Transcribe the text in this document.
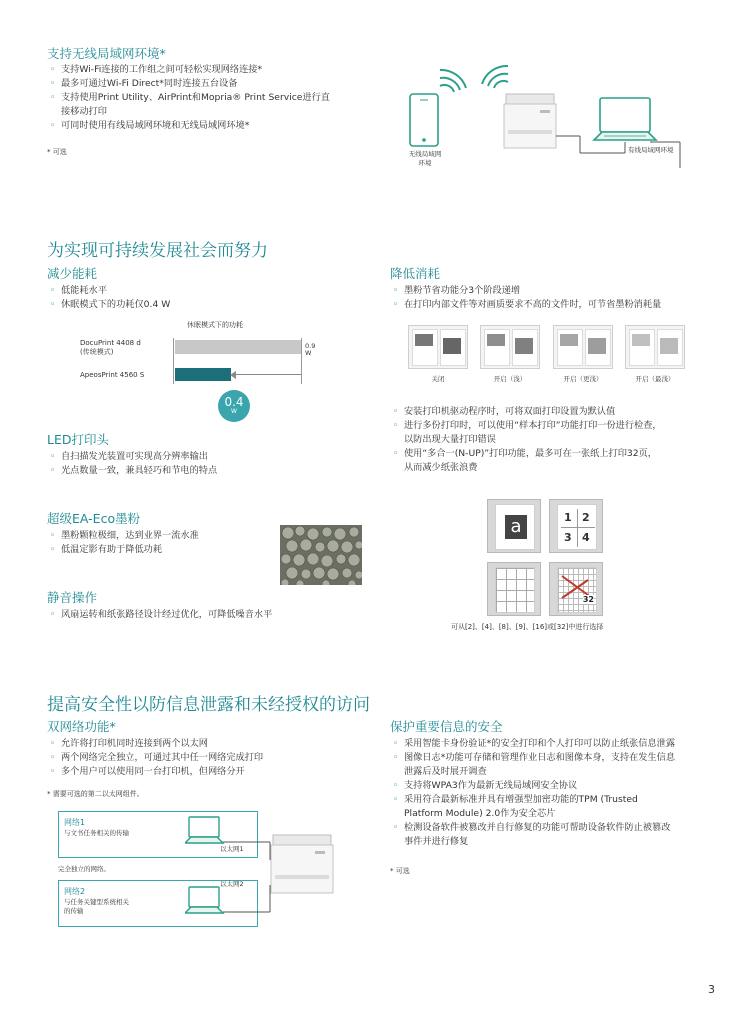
支持无线局域网环境*
◦ 支持Wi-Fi连接的工作组之间可轻松实现网络连接*
◦ 最多可通过Wi-Fi Direct*同时连接五台设备
◦ 支持使用Print Utility、AirPrint和Mopria® Print Service进行直
接移动打印
◦ 可同时使用有线局域网环境和无线局域网环境*
* 可选	无线局域网
环境
有线局域网环境
为实现可持续发展社会而努力
减少能耗
◦ 低能耗水平
◦ 休眠模式下的功耗仅0.4 W
休眠模式下的功耗
DocuPrint 4408 d
(传统模式)
0.9
W
ApeosPrint 4560 S
0.4
W
LED打印头
◦ 自扫描发光装置可实现高分辨率输出
◦ 光点数量一致，兼具轻巧和节电的特点
超级EA-Eco墨粉
◦ 墨粉颗粒极细，达到业界一流水准
◦ 低温定影有助于降低功耗
静音操作
◦ 风扇运转和纸张路径设计经过优化，可降低噪音水平
降低消耗
◦ 墨粉节省功能分3个阶段递增
◦ 在打印内部文件等对画质要求不高的文件时，可节省墨粉消耗量
关闭	开启（浅）	开启（更浅）	开启（最浅）
◦ 安装打印机驱动程序时，可将双面打印设置为默认值
◦ 进行多份打印时，可以使用“样本打印”功能打印一份进行检查，
以防出现大量打印错误
◦ 使用“多合一(N-UP)”打印功能，最多可在一张纸上打印32页，
从而减少纸张浪费
a	1 2
3 4
32
可从[2]、[4]、[8]、[9]、[16]或[32]中进行选择
提高安全性以防信息泄露和未经授权的访问
双网络功能*
◦ 允许将打印机同时连接到两个以太网
◦ 两个网络完全独立，可通过其中任一网络完成打印
◦ 多个用户可以使用同一台打印机，但网络分开
* 需要可选的第二以太网组件。
网络1
与文书任务相关的传输
以太网1
完全独立的网络。
网络2
与任务关键型系统相关
的传输
以太网2
保护重要信息的安全
◦ 采用智能卡身份验证*的安全打印和个人打印可以防止纸张信息泄露
◦ 图像日志*功能可存储和管理作业日志和图像本身，支持在发生信息
泄露后及时展开调查
◦ 支持将WPA3作为最新无线局域网安全协议
◦ 采用符合最新标准并具有增强型加密功能的TPM (Trusted
Platform Module) 2.0作为安全芯片
◦ 检测设备软件被篡改并自行修复的功能可帮助设备软件防止被篡改
事件并进行修复
* 可选
3
